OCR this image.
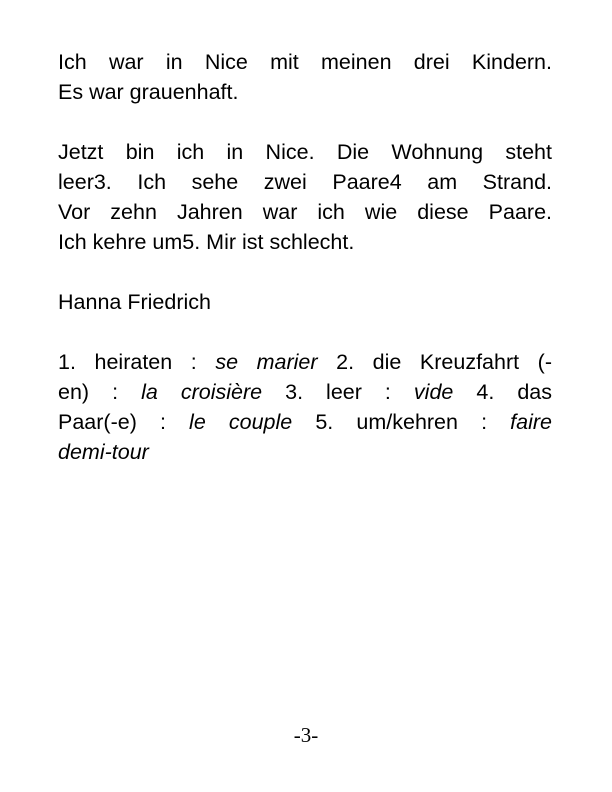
Ich war in Nice mit meinen drei Kindern.
Es war grauenhaft.

Jetzt bin ich in Nice. Die Wohnung steht
leer3. Ich sehe zwei Paare4 am Strand.
Vor zehn Jahren war ich wie diese Paare.
Ich kehre um5. Mir ist schlecht.

Hanna Friedrich

1. heiraten : se marier 2. die Kreuzfahrt (-
en) : la croisière 3. leer : vide 4. das
Paar(-e) : le couple 5. um/kehren : faire
demi-tour

-3-
